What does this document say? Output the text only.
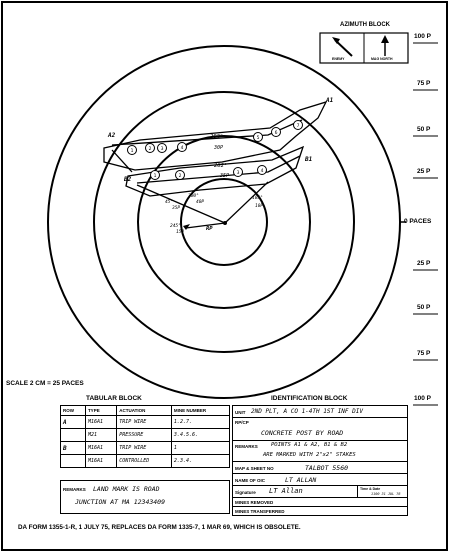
1	2 3	4
5
6
7
1	2
3	4
AZIMUTH BLOCK
ENEMY	MAG NORTH
100 P
75 P
50 P
25 P
0 PACES
25 P
50 P
75 P
100 P
A1
A2
B1
B2
RP
263°
30P
262°
35P
45°
35P
300°
40P
105°
10P
245°
15P
SCALE 2 CM = 25 PACES
TABULAR BLOCK
ROW	TYPE	ACTUATION	MINE NUMBER
A	M16A1	TRIP WIRE	1.2.7.
	M21	PRESSURE	3.4.5.6.
B	M16A1	TRIP WIRE	1
	M16A1	CONTROLLED	2.3.4.
REMARKS LAND MARK IS ROAD
JUNCTION AT MA 12343409
IDENTIFICATION BLOCK
UNIT 2ND PLT, A CO 1-4TH 1ST INF DIV
RP/CP
CONCRETE POST BY ROAD
REMARKS POINTS A1 & A2, B1 & B2
ARE MARKED WITH 2"x2" STAKES
MAP & SHEET NO	TALBOT 5560
NAME OF OIC	LT ALLAN
Signature LT Allan	Time & Date
1100 31 JUL 76
MINES REMOVED
MINES TRANSFERRED
DA FORM 1355-1-R, 1 JULY 75, REPLACES DA FORM 1335-7, 1 MAR 69, WHICH IS OBSOLETE.
